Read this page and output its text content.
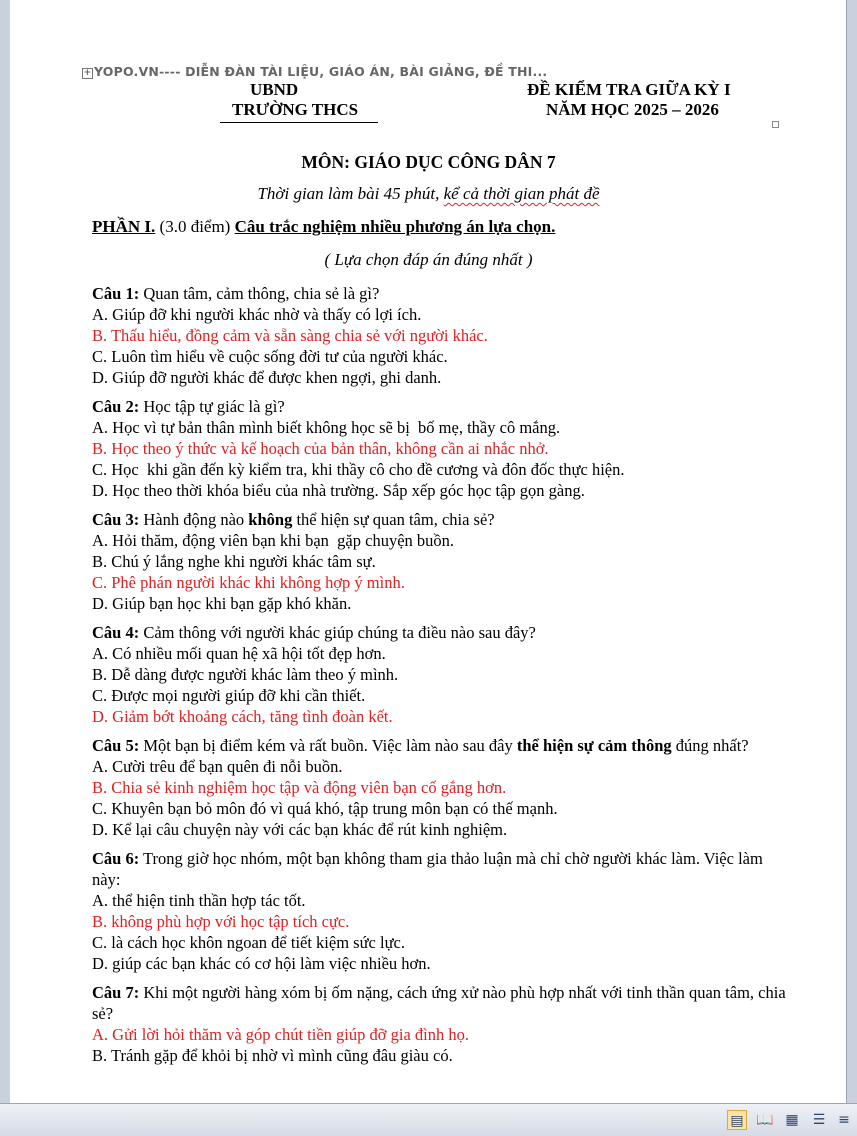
+ YOPO.VN---- DIỄN ĐÀN TÀI LIỆU, GIÁO ÁN, BÀI GIẢNG, ĐỀ THI...
UBND
TRƯỜNG THCS
ĐỀ KIỂM TRA GIỮA KỲ I
NĂM HỌC 2025 – 2026
MÔN: GIÁO DỤC CÔNG DÂN 7
Thời gian làm bài 45 phút, kể cả thời gian phát đề
PHẦN I. (3.0 điểm) Câu trắc nghiệm nhiều phương án lựa chọn.
( Lựa chọn đáp án đúng nhất )
Câu 1: Quan tâm, cảm thông, chia sẻ là gì?
A. Giúp đỡ khi người khác nhờ và thấy có lợi ích.
B. Thấu hiểu, đồng cảm và sẵn sàng chia sẻ với người khác.
C. Luôn tìm hiểu về cuộc sống đời tư của người khác.
D. Giúp đỡ người khác để được khen ngợi, ghi danh.
Câu 2: Học tập tự giác là gì?
A. Học vì tự bản thân mình biết không học sẽ bị  bố mẹ, thầy cô mắng.
B. Học theo ý thức và kế hoạch của bản thân, không cần ai nhắc nhở.
C. Học  khi gần đến kỳ kiểm tra, khi thầy cô cho đề cương và đôn đốc thực hiện.
D. Học theo thời khóa biểu của nhà trường. Sắp xếp góc học tập gọn gàng.
Câu 3: Hành động nào không thể hiện sự quan tâm, chia sẻ?
A. Hỏi thăm, động viên bạn khi bạn  gặp chuyện buồn.
B. Chú ý lắng nghe khi người khác tâm sự.
C. Phê phán người khác khi không hợp ý mình.
D. Giúp bạn học khi bạn gặp khó khăn.
Câu 4: Cảm thông với người khác giúp chúng ta điều nào sau đây?
A. Có nhiều mối quan hệ xã hội tốt đẹp hơn.
B. Dễ dàng được người khác làm theo ý mình.
C. Được mọi người giúp đỡ khi cần thiết.
D. Giảm bớt khoảng cách, tăng tình đoàn kết.
Câu 5: Một bạn bị điểm kém và rất buồn. Việc làm nào sau đây thể hiện sự cảm thông đúng nhất?
A. Cười trêu để bạn quên đi nỗi buồn.
B. Chia sẻ kinh nghiệm học tập và động viên bạn cố gắng hơn.
C. Khuyên bạn bỏ môn đó vì quá khó, tập trung môn bạn có thế mạnh.
D. Kể lại câu chuyện này với các bạn khác để rút kinh nghiệm.
Câu 6: Trong giờ học nhóm, một bạn không tham gia thảo luận mà chỉ chờ người khác làm. Việc làm này:
A. thể hiện tinh thần hợp tác tốt.
B. không phù hợp với học tập tích cực.
C. là cách học khôn ngoan để tiết kiệm sức lực.
D. giúp các bạn khác có cơ hội làm việc nhiều hơn.
Câu 7: Khi một người hàng xóm bị ốm nặng, cách ứng xử nào phù hợp nhất với tinh thần quan tâm, chia sẻ?
A. Gửi lời hỏi thăm và góp chút tiền giúp đỡ gia đình họ.
B. Tránh gặp để khỏi bị nhờ vì mình cũng đâu giàu có.
▤ 📖 ▦ ☰ ≡
